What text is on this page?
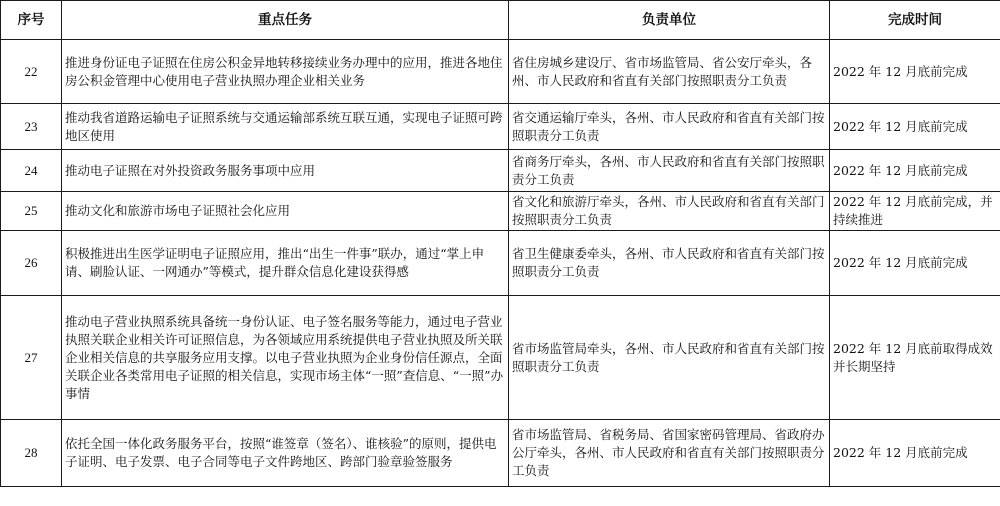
序号	重点任务	负责单位	完成时间
22	推进身份证电子证照在住房公积金异地转移接续业务办理中的应用，推进各地住房公积金管理中心使用电子营业执照办理企业相关业务	省住房城乡建设厅、省市场监管局、省公安厅牵头，各州、市人民政府和省直有关部门按照职责分工负责	2022 年 12 月底前完成
23	推动我省道路运输电子证照系统与交通运输部系统互联互通，实现电子证照可跨地区使用	省交通运输厅牵头，各州、市人民政府和省直有关部门按照职责分工负责	2022 年 12 月底前完成
24	推动电子证照在对外投资政务服务事项中应用	省商务厅牵头，各州、市人民政府和省直有关部门按照职责分工负责	2022 年 12 月底前完成
25	推动文化和旅游市场电子证照社会化应用	省文化和旅游厅牵头，各州、市人民政府和省直有关部门按照职责分工负责	2022 年 12 月底前完成，并持续推进
26	积极推进出生医学证明电子证照应用，推出“出生一件事”联办，通过“掌上申请、刷脸认证、一网通办”等模式，提升群众信息化建设获得感	省卫生健康委牵头，各州、市人民政府和省直有关部门按照职责分工负责	2022 年 12 月底前完成
27	推动电子营业执照系统具备统一身份认证、电子签名服务等能力，通过电子营业执照关联企业相关许可证照信息，为各领域应用系统提供电子营业执照及所关联企业相关信息的共享服务应用支撑。以电子营业执照为企业身份信任源点，全面关联企业各类常用电子证照的相关信息，实现市场主体“一照”查信息、“一照”办事情	省市场监管局牵头，各州、市人民政府和省直有关部门按照职责分工负责	2022 年 12 月底前取得成效并长期坚持
28	依托全国一体化政务服务平台，按照“谁签章（签名）、谁核验”的原则，提供电子证明、电子发票、电子合同等电子文件跨地区、跨部门验章验签服务	省市场监管局、省税务局、省国家密码管理局、省政府办公厅牵头，各州、市人民政府和省直有关部门按照职责分工负责	2022 年 12 月底前完成
